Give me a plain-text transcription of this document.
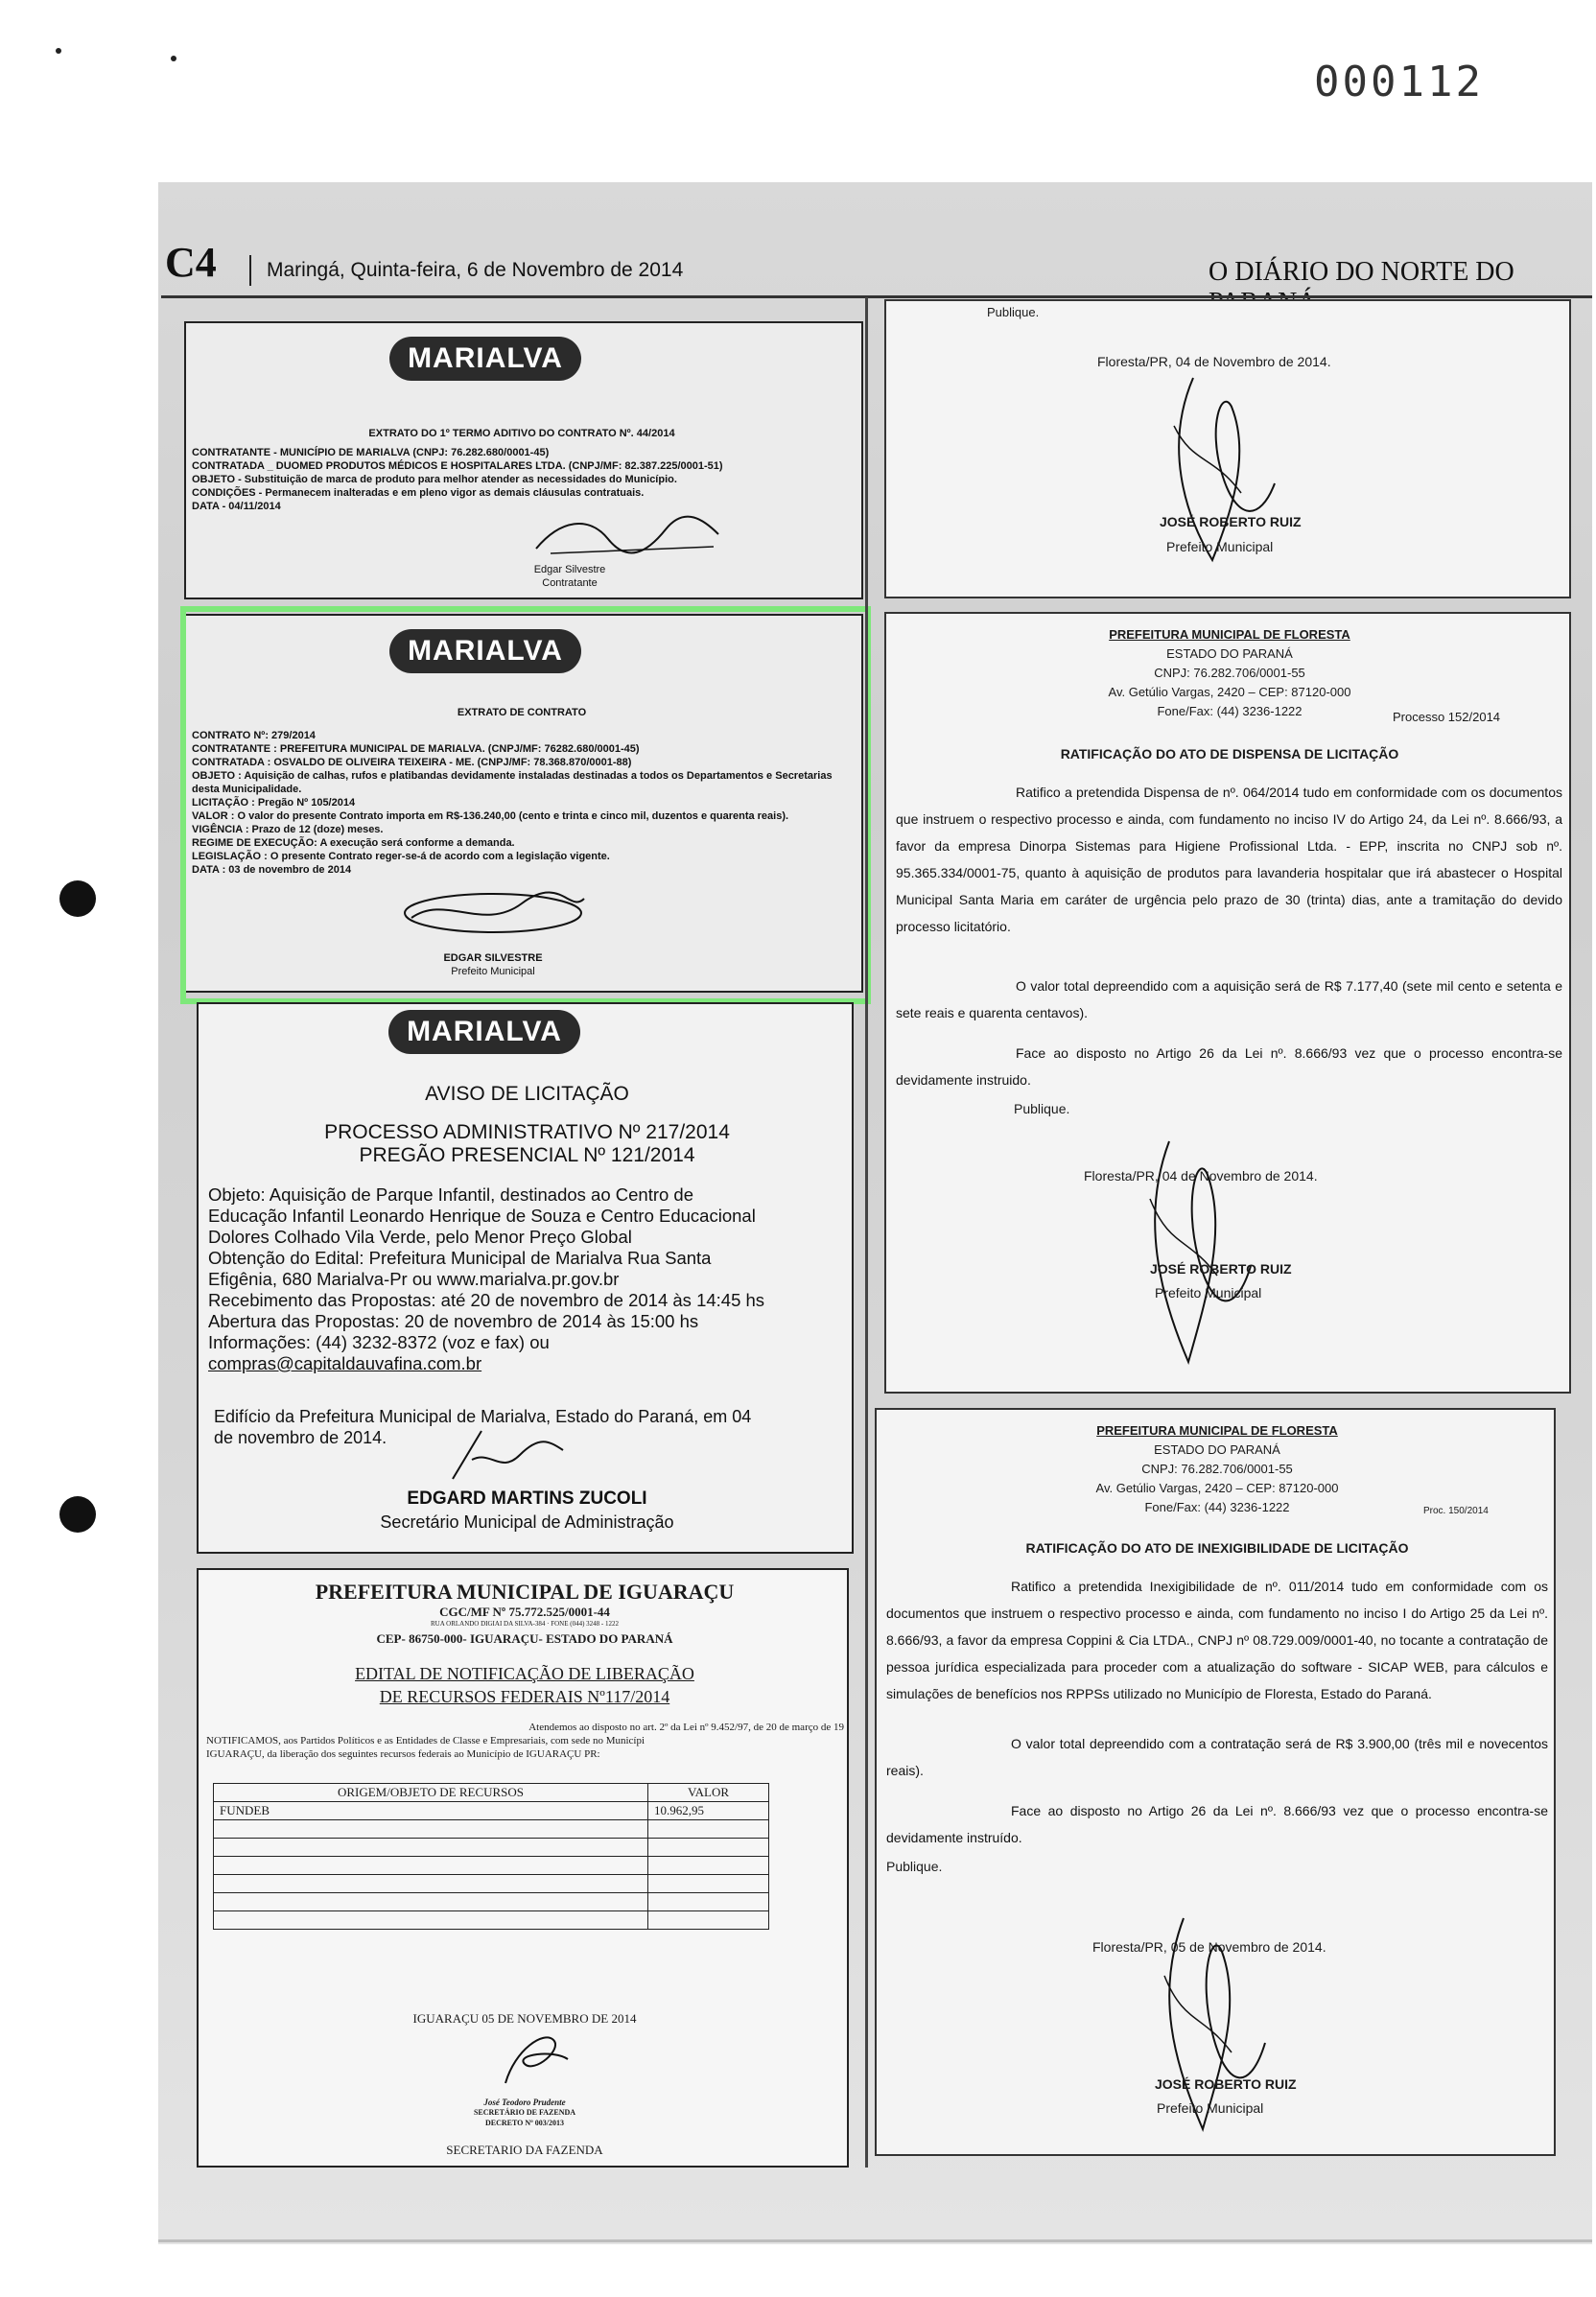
000112
C4 Maringá, Quinta-feira, 6 de Novembro de 2014	O DIÁRIO DO NORTE DO
MARIALVA
EXTRATO DO 1º TERMO ADITIVO DO CONTRATO Nº. 44/2014
CONTRATANTE - MUNICÍPIO DE MARIALVA (CNPJ: 76.282.680/0001-45)
CONTRATADA _ DUOMED PRODUTOS MÉDICOS E HOSPITALARES LTDA. (CNPJ/MF: 82.387.225/0001-51)
OBJETO - Substituição de marca de produto para melhor atender as necessidades do Município.
CONDIÇÕES - Permanecem inalteradas e em pleno vigor as demais cláusulas contratuais.
DATA - 04/11/2014
Edgar Silvestre
Contratante
MARIALVA
EXTRATO DE CONTRATO
CONTRATO Nº: 279/2014
CONTRATANTE : PREFEITURA MUNICIPAL DE MARIALVA. (CNPJ/MF: 76282.680/0001-45)
CONTRATADA : OSVALDO DE OLIVEIRA TEIXEIRA - ME. (CNPJ/MF: 78.368.870/0001-88)
OBJETO : Aquisição de calhas, rufos e platibandas devidamente instaladas destinadas a todos os Departamentos e Secretarias desta Municipalidade.
LICITAÇÃO : Pregão Nº 105/2014
VALOR : O valor do presente Contrato importa em R$-136.240,00 (cento e trinta e cinco mil, duzentos e quarenta reais).
VIGÊNCIA : Prazo de 12 (doze) meses.
REGIME DE EXECUÇÃO: A execução será conforme a demanda.
LEGISLAÇÃO : O presente Contrato reger-se-á de acordo com a legislação vigente.
DATA : 03 de novembro de 2014
EDGAR SILVESTRE
Prefeito Municipal
MARIALVA
AVISO DE LICITAÇÃO
PROCESSO ADMINISTRATIVO Nº 217/2014
PREGÃO PRESENCIAL Nº 121/2014
Objeto: Aquisição de Parque Infantil, destinados ao Centro de
Educação Infantil Leonardo Henrique de Souza e Centro Educacional
Dolores Colhado Vila Verde, pelo Menor Preço Global
Obtenção do Edital: Prefeitura Municipal de Marialva Rua Santa
Efigênia, 680 Marialva-Pr ou www.marialva.pr.gov.br
Recebimento das Propostas: até 20 de novembro de 2014 às 14:45 hs
Abertura das Propostas: 20 de novembro de 2014 às 15:00 hs
Informações: (44) 3232-8372 (voz e fax) ou
compras@capitaldauvafina.com.br
Edifício da Prefeitura Municipal de Marialva, Estado do Paraná, em 04
de novembro de 2014.
EDGARD MARTINS ZUCOLI
Secretário Municipal de Administração
PREFEITURA MUNICIPAL DE IGUARAÇU
CGC/MF Nº 75.772.525/0001-44
RUA ORLANDO DIGIAI DA SILVA-384 · FONE (044) 3248 - 1222
CEP- 86750-000- IGUARAÇU- ESTADO DO PARANÁ
EDITAL DE NOTIFICAÇÃO DE LIBERAÇÃO
DE RECURSOS FEDERAIS Nº117/2014
Atendemos ao disposto no art. 2º da Lei nº 9.452/97, de 20 de março de 19
NOTIFICAMOS, aos Partidos Políticos e as Entidades de Classe e Empresariais, com sede no Municípi
IGUARAÇU, da liberação dos seguintes recursos federais ao Município de IGUARAÇU PR:
ORIGEM/OBJETO DE RECURSOS	VALOR
FUNDEB	10.962,95

IGUARAÇU 05 DE NOVEMBRO DE 2014
José Teodoro Prudente
SECRETÁRIO DE FAZENDA
DECRETO Nº 003/2013
SECRETARIO DA FAZENDA
Publique.
Floresta/PR, 04 de Novembro de 2014.
JOSÉ ROBERTO RUIZ
Prefeito Municipal
PREFEITURA MUNICIPAL DE FLORESTA
ESTADO DO PARANÁ
CNPJ: 76.282.706/0001-55
Av. Getúlio Vargas, 2420 – CEP: 87120-000
Fone/Fax: (44) 3236-1222	Processo 152/2014
RATIFICAÇÃO DO ATO DE DISPENSA DE LICITAÇÃO
Ratifico a pretendida Dispensa de nº. 064/2014 tudo em conformidade com os documentos que instruem o respectivo processo e ainda, com fundamento no inciso IV do Artigo 24, da Lei nº. 8.666/93, a favor da empresa Dinorpa Sistemas para Higiene Profissional Ltda. - EPP, inscrita no CNPJ sob nº. 95.365.334/0001-75, quanto à aquisição de produtos para lavanderia hospitalar que irá abastecer o Hospital Municipal Santa Maria em caráter de urgência pelo prazo de 30 (trinta) dias, ante a tramitação do devido processo licitatório.
O valor total depreendido com a aquisição será de R$ 7.177,40 (sete mil cento e setenta e sete reais e quarenta centavos).
Face ao disposto no Artigo 26 da Lei nº. 8.666/93 vez que o processo encontra-se devidamente instruido.
Publique.
Floresta/PR, 04 de Novembro de 2014.
JOSÉ ROBERTO RUIZ
Prefeito Municipal
PREFEITURA MUNICIPAL DE FLORESTA
ESTADO DO PARANÁ
CNPJ: 76.282.706/0001-55
Av. Getúlio Vargas, 2420 – CEP: 87120-000
Fone/Fax: (44) 3236-1222	Proc. 150/2014
RATIFICAÇÃO DO ATO DE INEXIGIBILIDADE DE LICITAÇÃO
Ratifico a pretendida Inexigibilidade de nº. 011/2014 tudo em conformidade com os documentos que instruem o respectivo processo e ainda, com fundamento no inciso I do Artigo 25 da Lei nº. 8.666/93, a favor da empresa Coppini & Cia LTDA., CNPJ nº 08.729.009/0001-40, no tocante a contratação de pessoa jurídica especializada para proceder com a atualização do software - SICAP WEB, para cálculos e simulações de benefícios nos RPPSs utilizado no Município de Floresta, Estado do Paraná.
O valor total depreendido com a contratação será de R$ 3.900,00 (três mil e novecentos reais).
Face ao disposto no Artigo 26 da Lei nº. 8.666/93 vez que o processo encontra-se devidamente instruído.
Publique.
Floresta/PR, 05 de Novembro de 2014.
JOSÉ ROBERTO RUIZ
Prefeito Municipal
